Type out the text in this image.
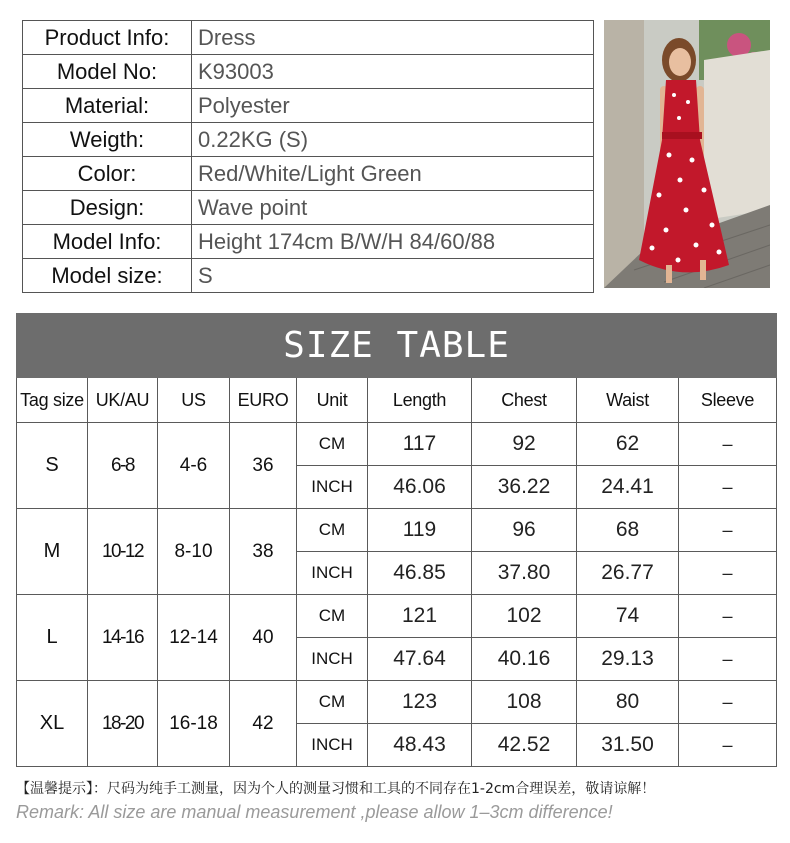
Product Info:	Dress
Model No:	K93003
Material:	Polyester
Weigth:	0.22KG (S)
Color:	Red/White/Light Green
Design:	Wave point
Model Info:	Height 174cm B/W/H 84/60/88
Model size:	S
SIZE TABLE								
Tag size	UK/AU	US	EURO	Unit	Length	Chest	Waist	Sleeve
S	6-8	4-6	36	CM	117	92	62	–
				INCH	46.06	36.22	24.41	–
M	10-12	8-10	38	CM	119	96	68	–
				INCH	46.85	37.80	26.77	–
L	14-16	12-14	40	CM	121	102	74	–
				INCH	47.64	40.16	29.13	–
XL	18-20	16-18	42	CM	123	108	80	–
				INCH	48.43	42.52	31.50	–
【温馨提示】：尺码为纯手工测量，因为个人的测量习惯和工具的不同存在1-2cm合理误差，敬请谅解！
Remark: All size are manual measurement ,please allow 1–3cm difference!
